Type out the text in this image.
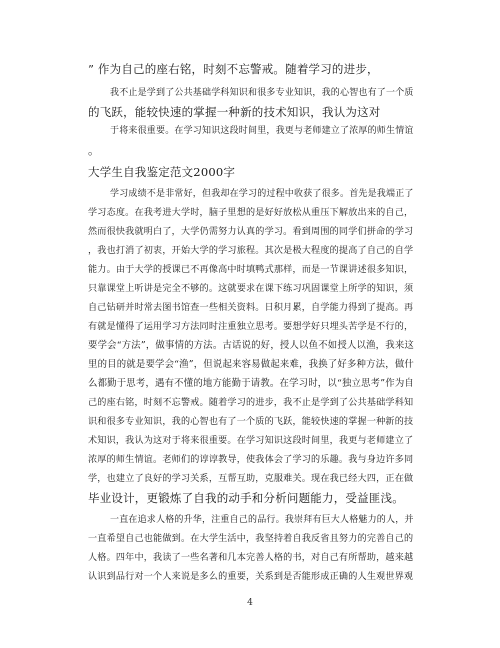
” 作为自己的座右铭，时刻不忘警戒。随着学习的进步，
我不止是学到了公共基础学科知识和很多专业知识，我的心智也有了一个质
的飞跃，能较快速的掌握一种新的技术知识，我认为这对
于将来很重要。在学习知识这段时间里，我更与老师建立了浓厚的师生情谊
。
大学生自我鉴定范文2000字
学习成绩不是非常好，但我却在学习的过程中收获了很多。首先是我端正了
学习态度。在我考进大学时，脑子里想的是好好放松从重压下解放出来的自己，
然而很快我就明白了，大学仍需努力认真的学习。看到周围的同学们拼命的学习
，我也打消了初衷，开始大学的学习旅程。其次是极大程度的提高了自己的自学
能力。由于大学的授课已不再像高中时填鸭式那样，而是一节课讲述很多知识，
只靠课堂上听讲是完全不够的。这就要求在课下练习巩固课堂上所学的知识，须
自己钻研并时常去图书馆查一些相关资料。日积月累，自学能力得到了提高。再
有就是懂得了运用学习方法同时注重独立思考。要想学好只埋头苦学是不行的，
要学会“方法”，做事情的方法。古话说的好，授人以鱼不如授人以渔，我来这
里的目的就是要学会“渔”，但说起来容易做起来难，我换了好多种方法，做什
么都勤于思考，遇有不懂的地方能勤于请教。在学习时，以“独立思考”作为自
己的座右铭，时刻不忘警戒。随着学习的进步，我不止是学到了公共基础学科知
识和很多专业知识，我的心智也有了一个质的飞跃，能较快速的掌握一种新的技
术知识，我认为这对于将来很重要。在学习知识这段时间里，我更与老师建立了
浓厚的师生情谊。老师们的谆谆教导，使我体会了学习的乐趣。我与身边许多同
学，也建立了良好的学习关系，互帮互助，克服难关。现在我已经大四，正在做
毕业设计，更锻炼了自我的动手和分析问题能力，受益匪浅。
一直在追求人格的升华，注重自己的品行。我崇拜有巨大人格魅力的人，并
一直希望自己也能做到。在大学生活中，我坚持着自我反省且努力的完善自己的
人格。四年中，我读了一些名著和几本完善人格的书，对自己有所帮助，越来越
认识到品行对一个人来说是多么的重要，关系到是否能形成正确的人生观世界观
4
